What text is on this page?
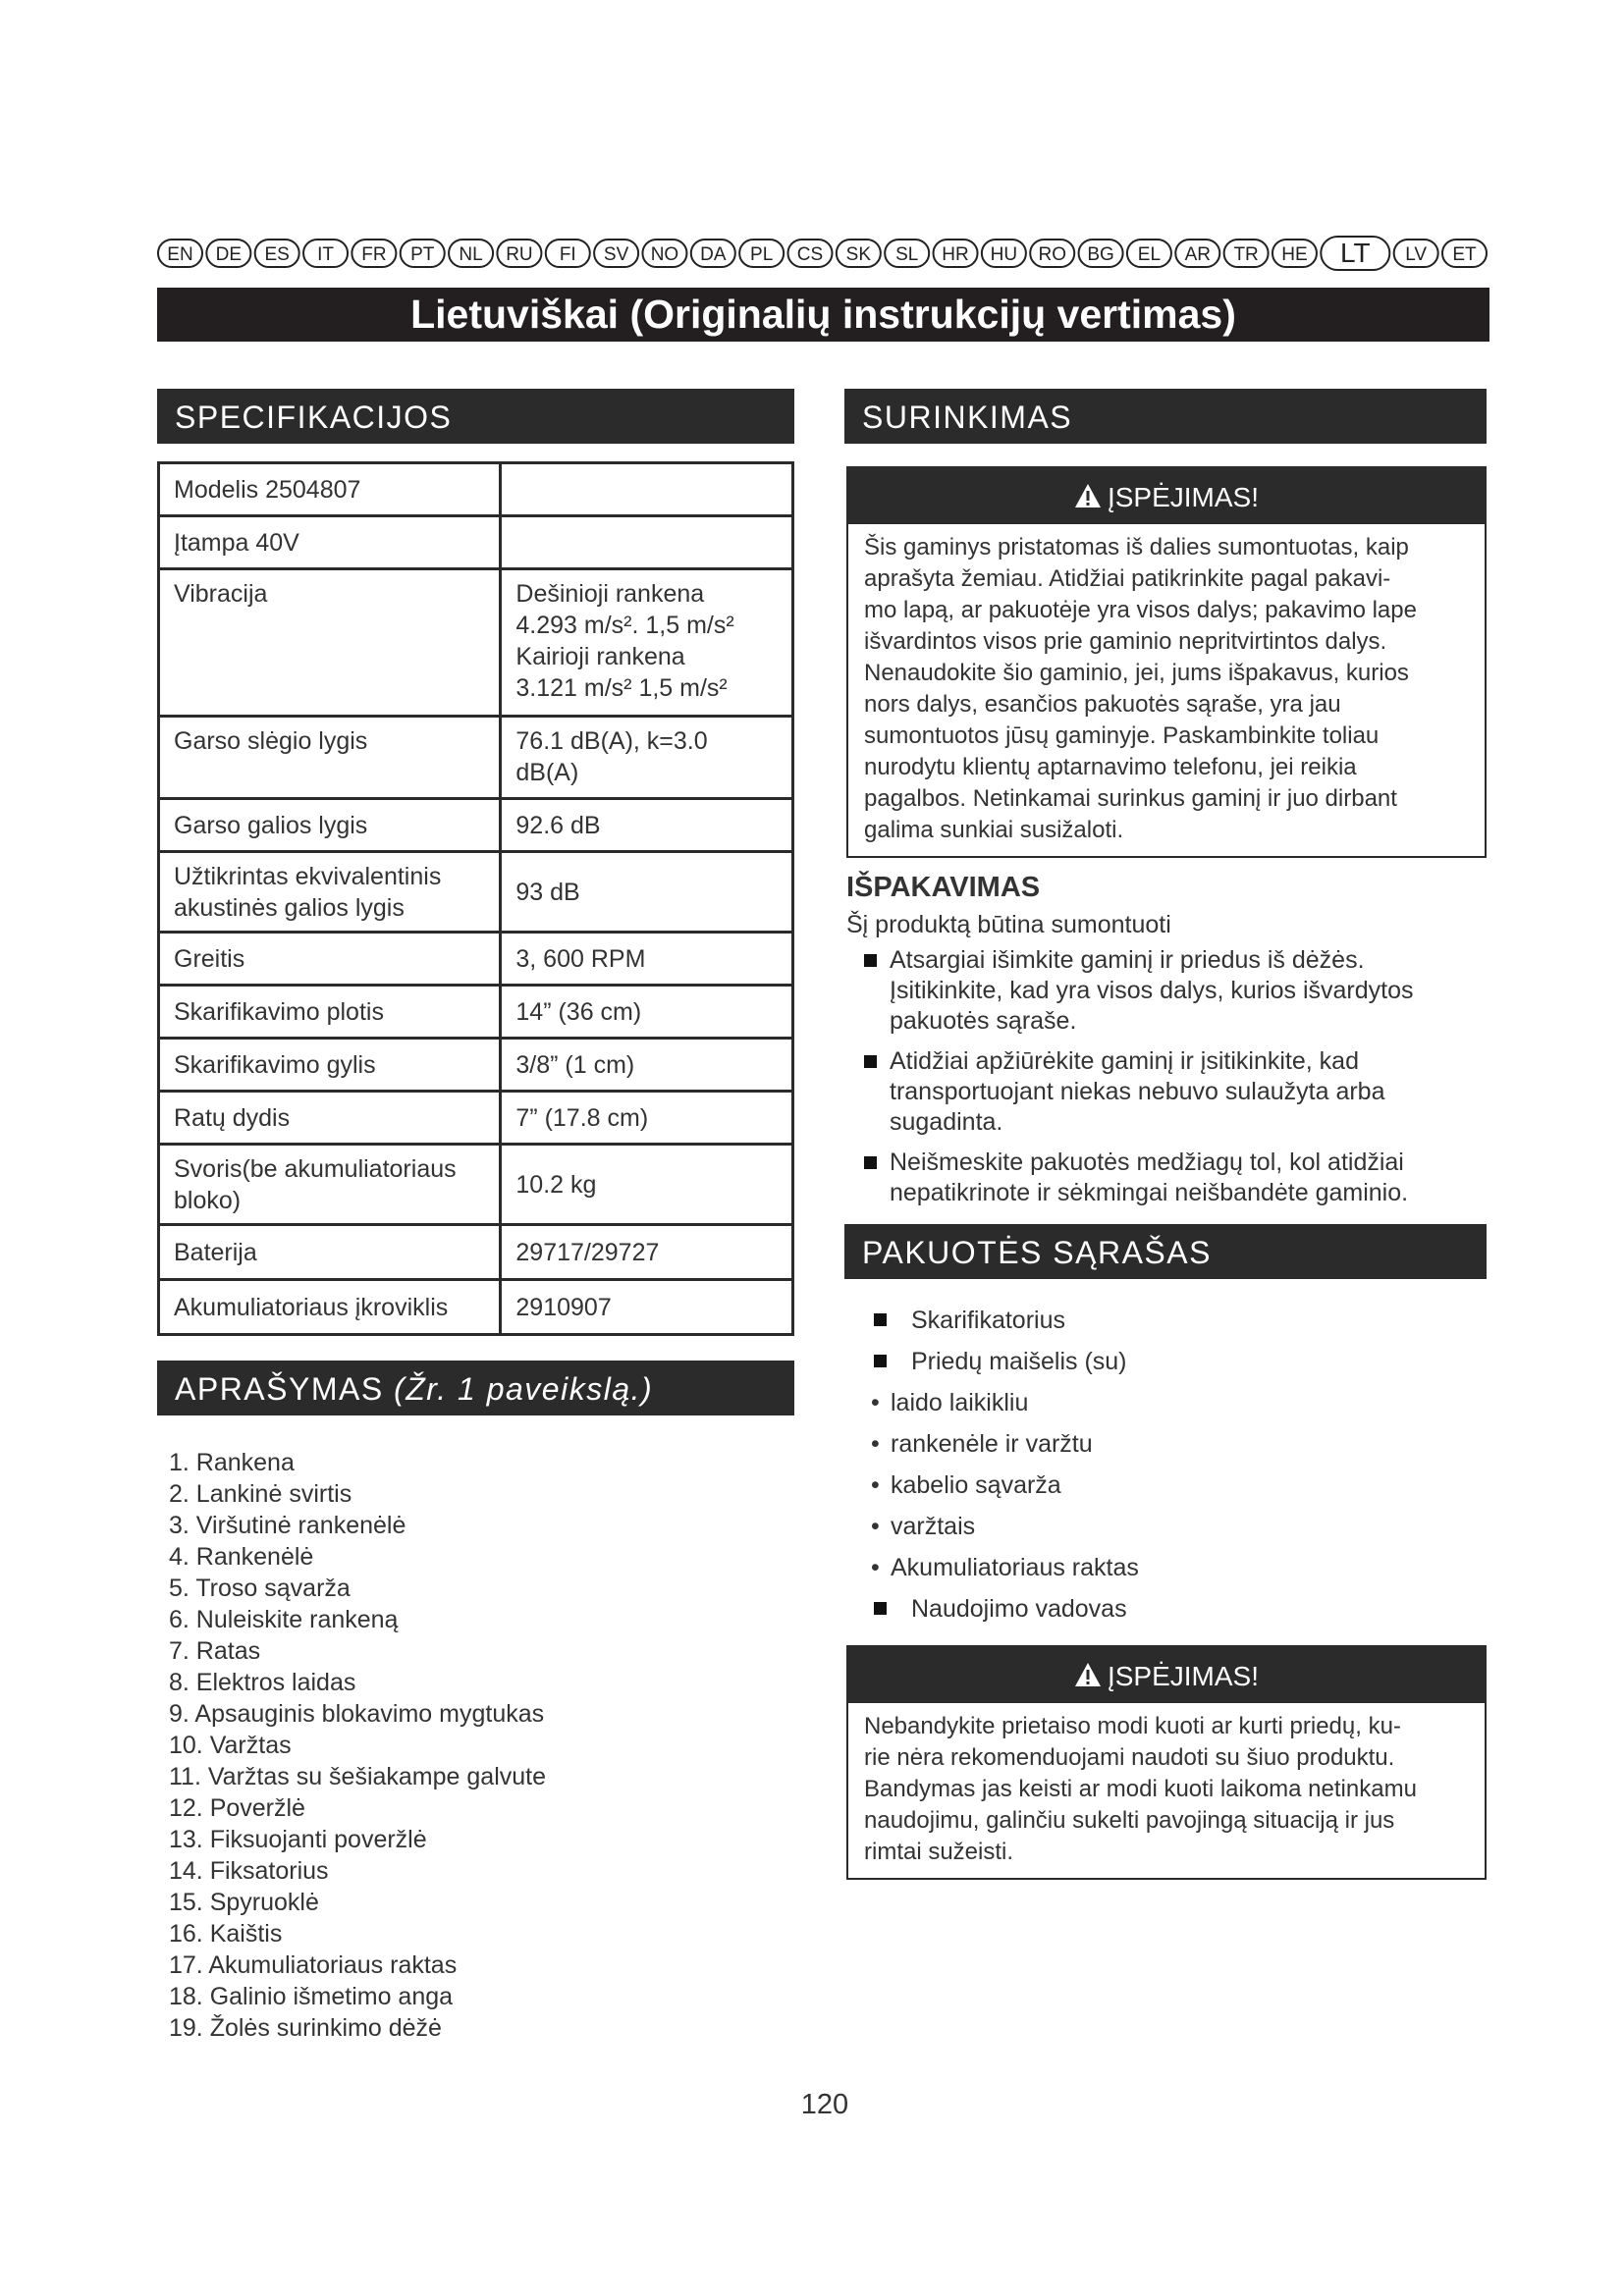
EN DE ES IT FR PT NL RU FI SV NO DA PL CS SK SL HR HU RO BG EL AR TR HE LT LV ET
Lietuviškai (Originalių instrukcijų vertimas)
SPECIFIKACIJOS
Modelis 2504807	
Įtampa 40V	
Vibracija	Dešinioji rankena
4.293 m/s². 1,5 m/s²
Kairioji rankena
3.121 m/s² 1,5 m/s²

Garso slėgio lygis	76.1 dB(A), k=3.0
dB(A)

Garso galios lygis	92.6 dB

Užtikrintas ekvivalentinis
akustinės galios lygis	93 dB
Greitis	3, 600 RPM
Skarifikavimo plotis	14” (36 cm)
Skarifikavimo gylis	3/8” (1 cm)
Ratų dydis	7” (17.8 cm)

Svoris(be akumuliatoriaus
bloko)	10.2 kg
Baterija	29717/29727
Akumuliatoriaus įkroviklis	2910907
APRAŠYMAS (Žr. 1 paveikslą.)
1. Rankena
2. Lankinė svirtis
3. Viršutinė rankenėlė
4. Rankenėlė
5. Troso sąvarža
6. Nuleiskite rankeną
7. Ratas
8. Elektros laidas
9. Apsauginis blokavimo mygtukas
10. Varžtas
11. Varžtas su šešiakampe galvute
12. Poveržlė
13. Fiksuojanti poveržlė
14. Fiksatorius
15. Spyruoklė
16. Kaištis
17. Akumuliatoriaus raktas
18. Galinio išmetimo anga
19. Žolės surinkimo dėžė
SURINKIMAS
ĮSPĖJIMAS!
Šis gaminys pristatomas iš dalies sumontuotas, kaip
aprašyta žemiau. Atidžiai patikrinkite pagal pakavi-
mo lapą, ar pakuotėje yra visos dalys; pakavimo lape
išvardintos visos prie gaminio nepritvirtintos dalys.
Nenaudokite šio gaminio, jei, jums išpakavus, kurios
nors dalys, esančios pakuotės sąraše, yra jau
sumontuotos jūsų gaminyje. Paskambinkite toliau
nurodytu klientų aptarnavimo telefonu, jei reikia
pagalbos. Netinkamai surinkus gaminį ir juo dirbant
galima sunkiai susižaloti.
IŠPAKAVIMAS
Šį produktą būtina sumontuoti
Atsargiai išimkite gaminį ir priedus iš dėžės.
Įsitikinkite, kad yra visos dalys, kurios išvardytos
pakuotės sąraše.
Atidžiai apžiūrėkite gaminį ir įsitikinkite, kad
transportuojant niekas nebuvo sulaužyta arba
sugadinta.
Neišmeskite pakuotės medžiagų tol, kol atidžiai
nepatikrinote ir sėkmingai neišbandėte gaminio.
PAKUOTĖS SĄRAŠAS
Skarifikatorius
Priedų maišelis (su)
• laido laikikliu
• rankenėle ir varžtu
• kabelio sąvarža
• varžtais
• Akumuliatoriaus raktas
Naudojimo vadovas
ĮSPĖJIMAS!
Nebandykite prietaiso modi kuoti ar kurti priedų, ku-
rie nėra rekomenduojami naudoti su šiuo produktu.
Bandymas jas keisti ar modi kuoti laikoma netinkamu
naudojimu, galinčiu sukelti pavojingą situaciją ir jus
rimtai sužeisti.
120
